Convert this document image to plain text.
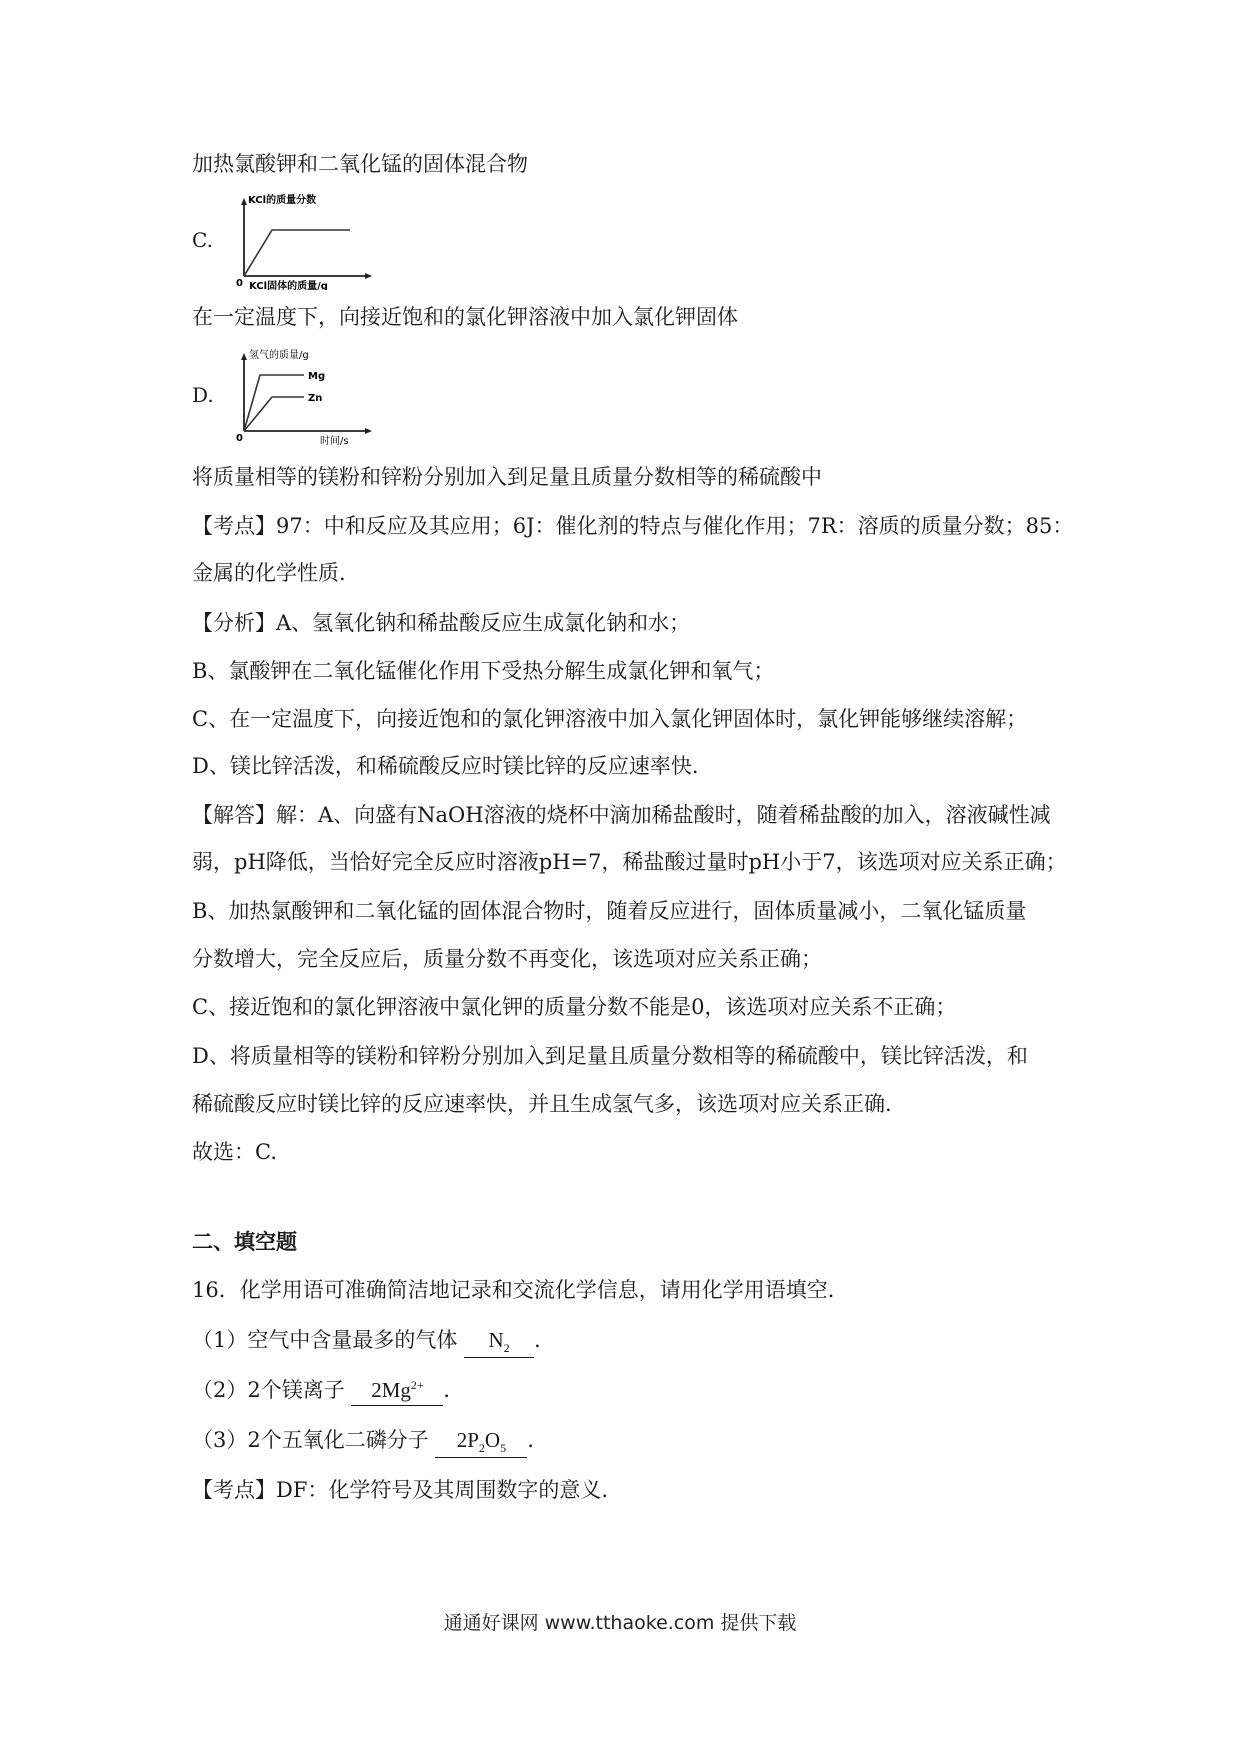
加热氯酸钾和二氧化锰的固体混合物
C.
KCl的质量分数
0 KCl固体的质量/g
在一定温度下，向接近饱和的氯化钾溶液中加入氯化钾固体
D.
Mg
Zn
氢气的质量/g
0	时间/s
将质量相等的镁粉和锌粉分别加入到足量且质量分数相等的稀硫酸中
【考点】97：中和反应及其应用；6J：催化剂的特点与催化作用；7R：溶质的质量分数；85：
金属的化学性质.
【分析】A、氢氧化钠和稀盐酸反应生成氯化钠和水；
B、氯酸钾在二氧化锰催化作用下受热分解生成氯化钾和氧气；
C、在一定温度下，向接近饱和的氯化钾溶液中加入氯化钾固体时，氯化钾能够继续溶解；
D、镁比锌活泼，和稀硫酸反应时镁比锌的反应速率快.
【解答】解：A、向盛有NaOH溶液的烧杯中滴加稀盐酸时，随着稀盐酸的加入，溶液碱性减
弱，pH降低，当恰好完全反应时溶液pH=7，稀盐酸过量时pH小于7，该选项对应关系正确；
B、加热氯酸钾和二氧化锰的固体混合物时，随着反应进行，固体质量减小，二氧化锰质量
分数增大，完全反应后，质量分数不再变化，该选项对应关系正确；
C、接近饱和的氯化钾溶液中氯化钾的质量分数不能是0，该选项对应关系不正确；
D、将质量相等的镁粉和锌粉分别加入到足量且质量分数相等的稀硫酸中，镁比锌活泼，和
稀硫酸反应时镁比锌的反应速率快，并且生成氢气多，该选项对应关系正确.
故选：C.
二、填空题
16．化学用语可准确简洁地记录和交流化学信息，请用化学用语填空．
（1）空气中含量最多的气体 $N_2$ ．
（2）2个镁离子 $2Mg^{2+}$ ．
（3）2个五氧化二磷分子 $2P_2O_5$ ．
【考点】DF：化学符号及其周围数字的意义.
通通好课网 www.tthaoke.com 提供下载
